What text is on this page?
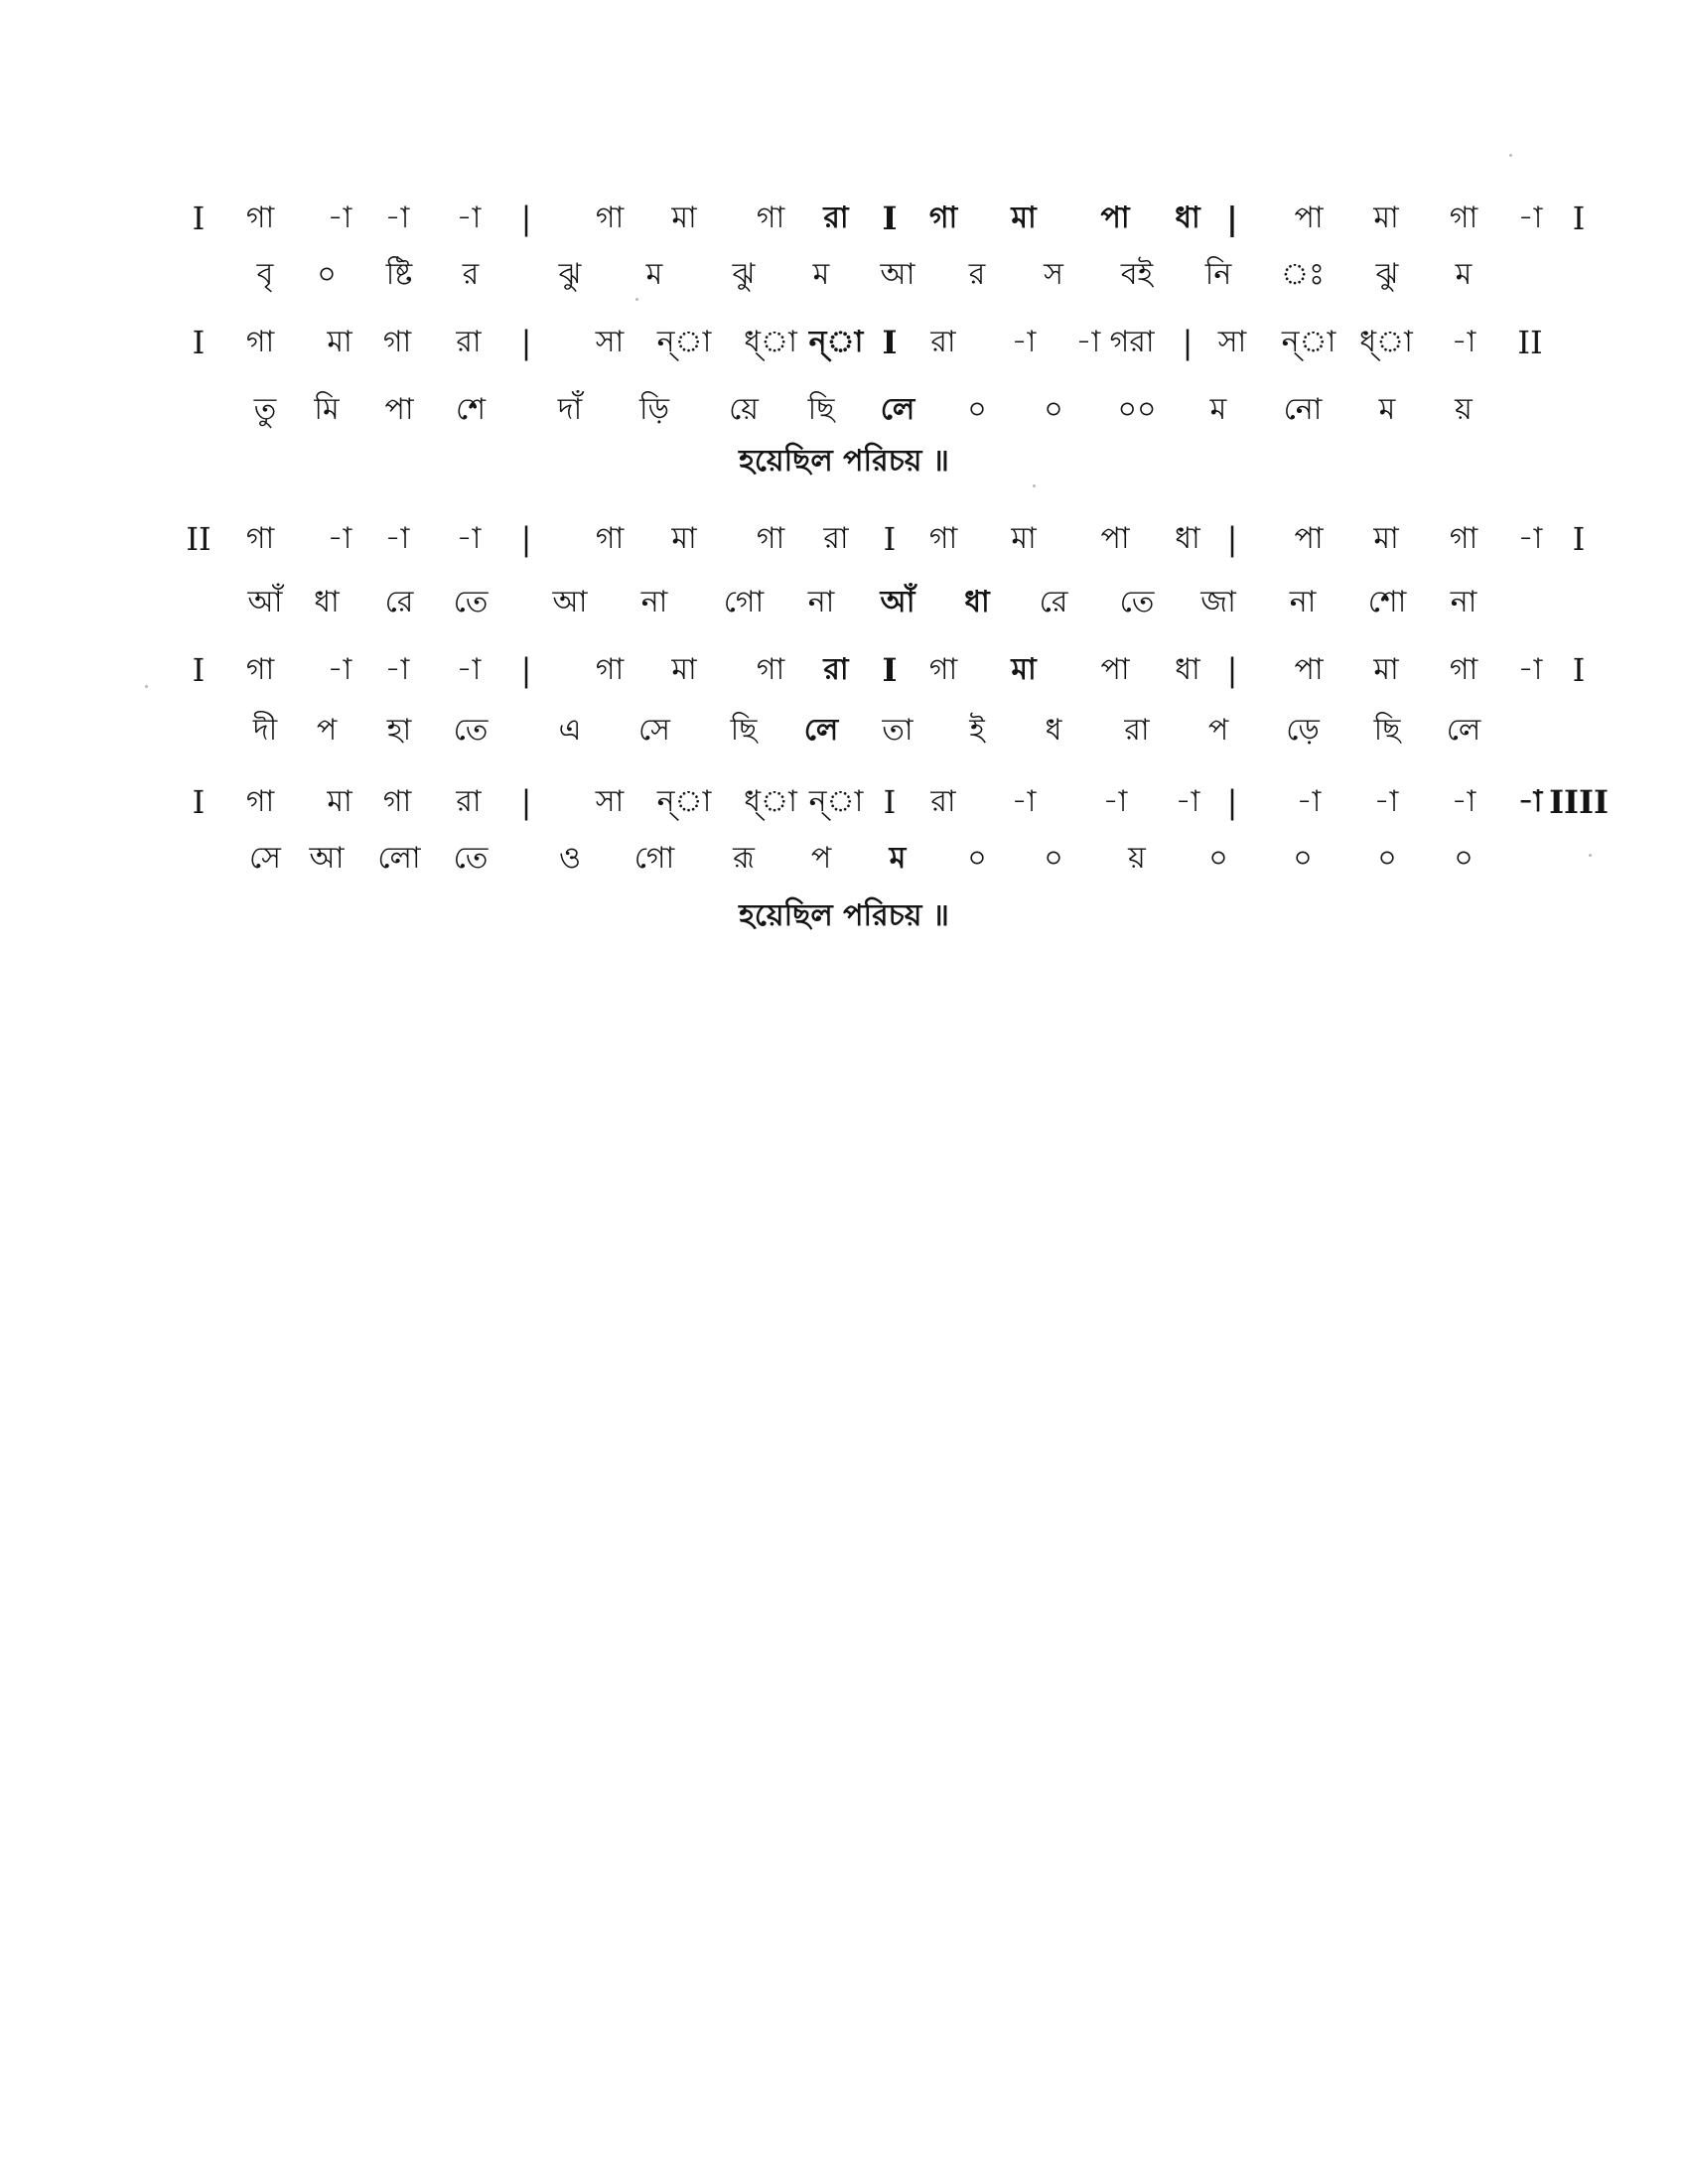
I গা -া -া -া | গা মা গা রা I গা মা পা ধা | পা মা গা -া I
বৃ ০ ষ্টি র	ঝু ম ঝু ম আ র স বই নি ঃ ঝু ম
I গা মা গা রা | সা ন্‌া ধ্‌া ন্‌া I রা -া -া গরা | সা ন্‌া ধ্‌া -া II
তু মি পা শে দাঁ ড়ি য়ে ছি লে ০ ০ ০০ ম নো ম য়
হয়েছিল পরিচয় ॥
II গা -া -া -া | গা মা গা রা I গা মা পা ধা | পা মা গা -া I
আঁ ধা রে তে আ না গো না আঁ ধা রে তে জা না শো না
I গা -া -া -া | গা মা গা রা I গা মা পা ধা | পা মা গা -া I
দী প হা তে এ সে ছি লে তা ই ধ রা প ড়ে ছি লে
I গা মা গা রা | সা ন্‌া ধ্‌া ন্‌া I রা -া -া -া | -া -া -া -া IIII
সে আ লো তে ও গো রূ প ম ০ ০ য় ০ ০ ০ ০
হয়েছিল পরিচয় ॥
